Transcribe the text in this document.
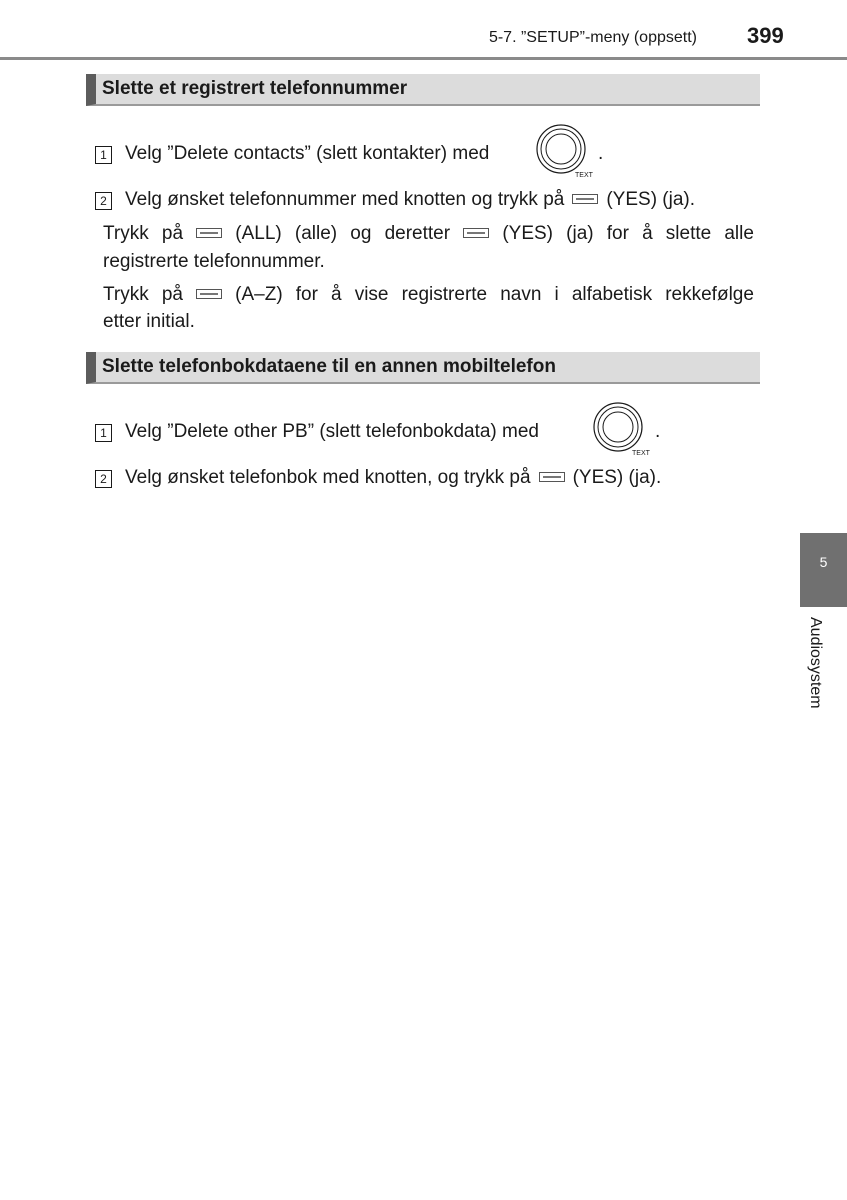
5-7. ”SETUP”-meny (oppsett) 399
Slette et registrert telefonnummer
1 Velg ”Delete contacts” (slett kontakter) med
TEXT
.
2 Velg ønsket telefonnummer med knotten og trykk på (YES) (ja).
Trykk på	(ALL) (alle) og deretter	(YES) (ja) for å slette alle
registrerte telefonnummer.
Trykk på	(A–Z) for å vise registrerte navn i alfabetisk rekkefølge
etter initial.
Slette telefonbokdataene til en annen mobiltelefon
1 Velg ”Delete other PB” (slett telefonbokdata) med
TEXT
.
2 Velg ønsket telefonbok med knotten, og trykk på (YES) (ja).
5
Audiosystem
